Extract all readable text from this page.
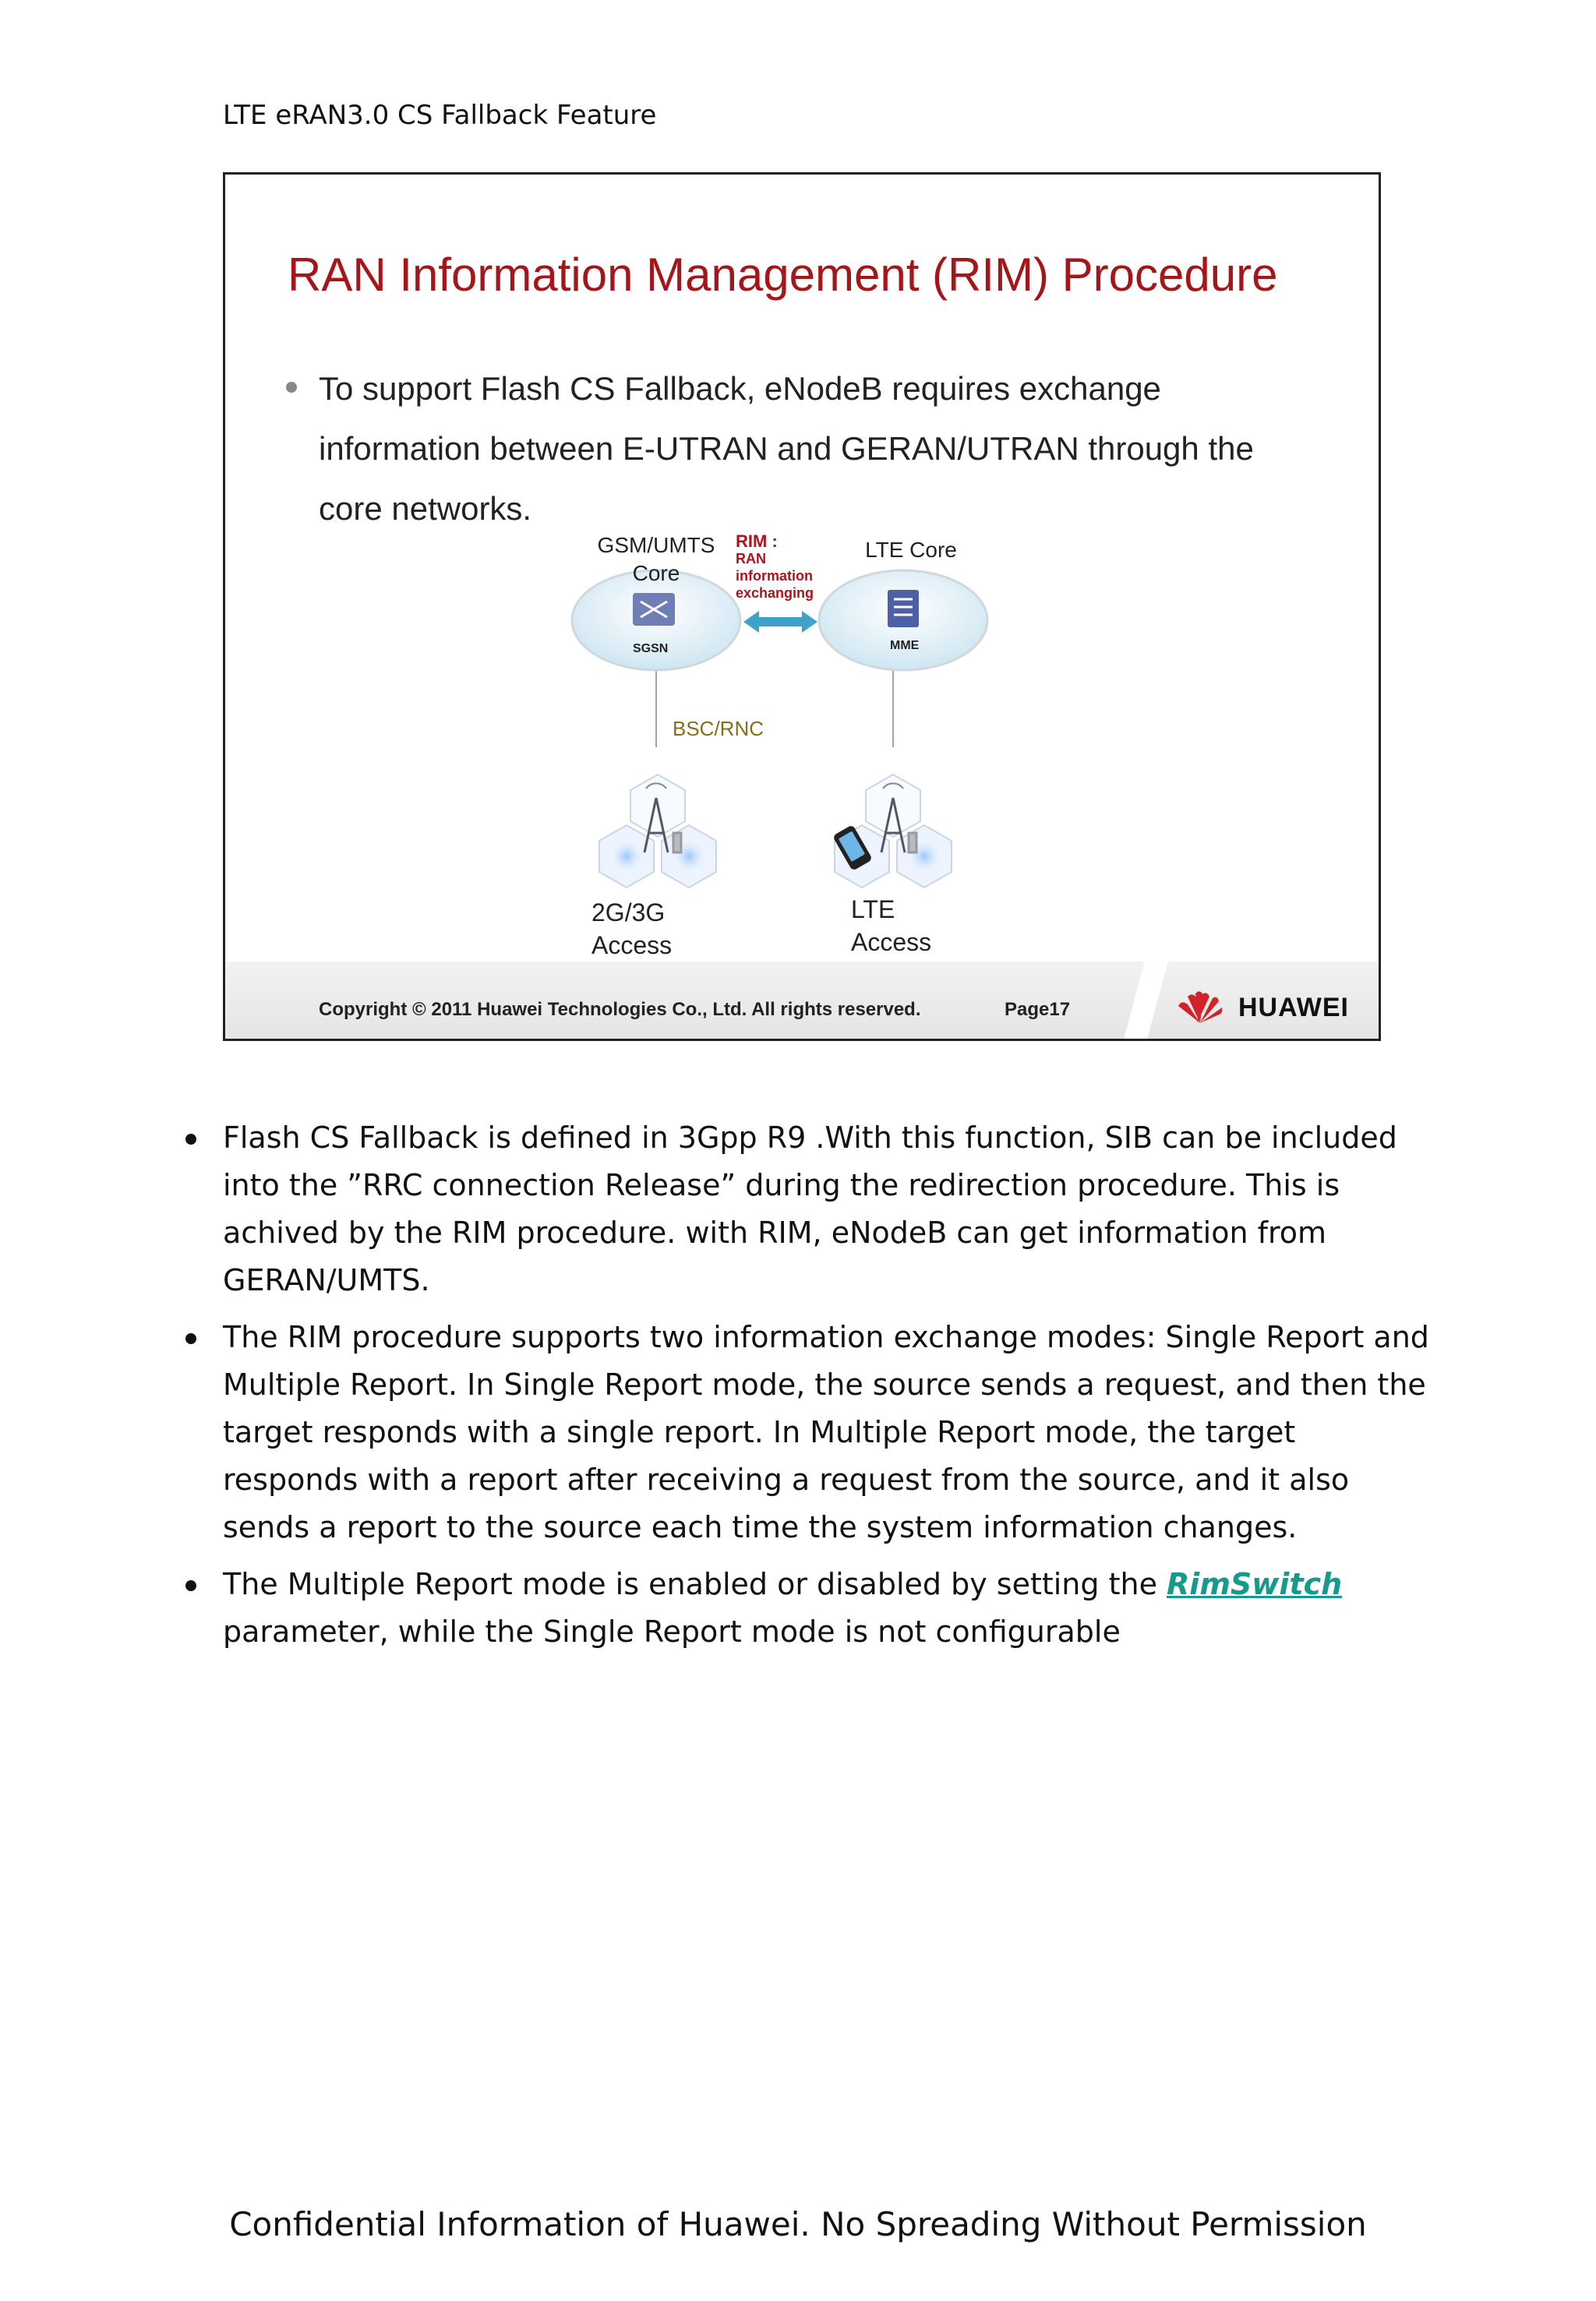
LTE eRAN3.0 CS Fallback Feature
RAN Information Management (RIM) Procedure
To support Flash CS Fallback, eNodeB requires exchange information between E-UTRAN and GERAN/UTRAN through the core networks.
GSM/UMTS
Core
RIM :
RAN
information
exchanging
LTE Core
SGSN	MME
BSC/RNC
2G/3G
Access
LTE
Access
Copyright © 2011 Huawei Technologies Co., Ltd. All rights reserved.	Page17	HUAWEI
Flash CS Fallback is defined in 3Gpp R9 .With this function, SIB can be included into the ”RRC connection Release” during the redirection procedure. This is achived by the RIM procedure. with RIM, eNodeB can get information from GERAN/UMTS.
The RIM procedure supports two information exchange modes: Single Report and Multiple Report. In Single Report mode, the source sends a request, and then the target responds with a single report. In Multiple Report mode, the target responds with a report after receiving a request from the source, and it also sends a report to the source each time the system information changes.
The Multiple Report mode is enabled or disabled by setting the RimSwitch parameter, while the Single Report mode is not configurable
Confidential Information of Huawei. No Spreading Without Permission
